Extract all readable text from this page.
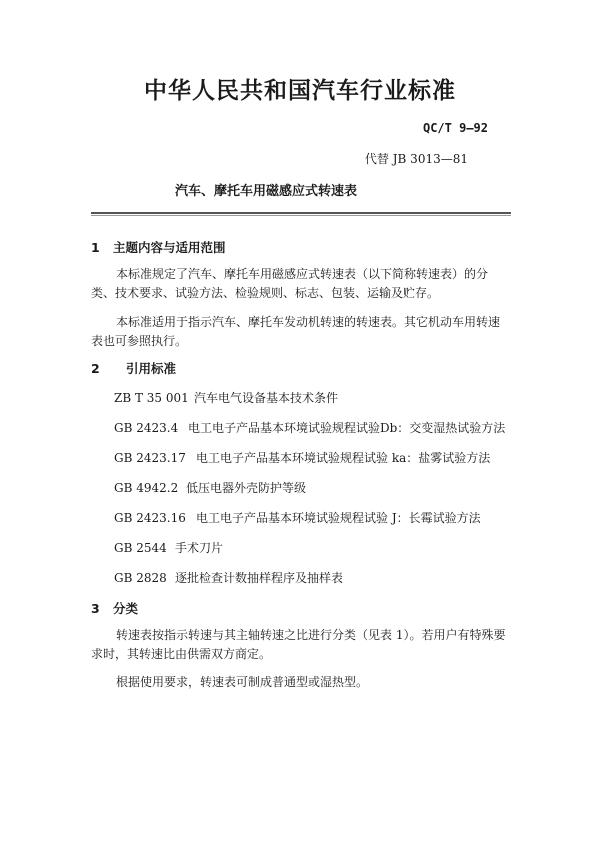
中华人民共和国汽车行业标准
QC/T 9—92
代替 JB 3013—81
汽车、摩托车用磁感应式转速表
1 主题内容与适用范围
本标准规定了汽车、摩托车用磁感应式转速表（以下简称转速表）的分类、技术要求、试验方法、检验规则、标志、包装、运输及贮存。
本标准适用于指示汽车、摩托车发动机转速的转速表。其它机动车用转速表也可参照执行。
2 引用标准
ZB T 35 001 汽车电气设备基本技术条件
GB 2423.4 电工电子产品基本环境试验规程试验Db：交变湿热试验方法
GB 2423.17 电工电子产品基本环境试验规程试验 ka：盐雾试验方法
GB 4942.2 低压电器外壳防护等级
GB 2423.16 电工电子产品基本环境试验规程试验 J：长霉试验方法
GB 2544 手术刀片
GB 2828 逐批检查计数抽样程序及抽样表
3 分类
转速表按指示转速与其主轴转速之比进行分类（见表 1）。若用户有特殊要求时，其转速比由供需双方商定。
根据使用要求，转速表可制成普通型或湿热型。
